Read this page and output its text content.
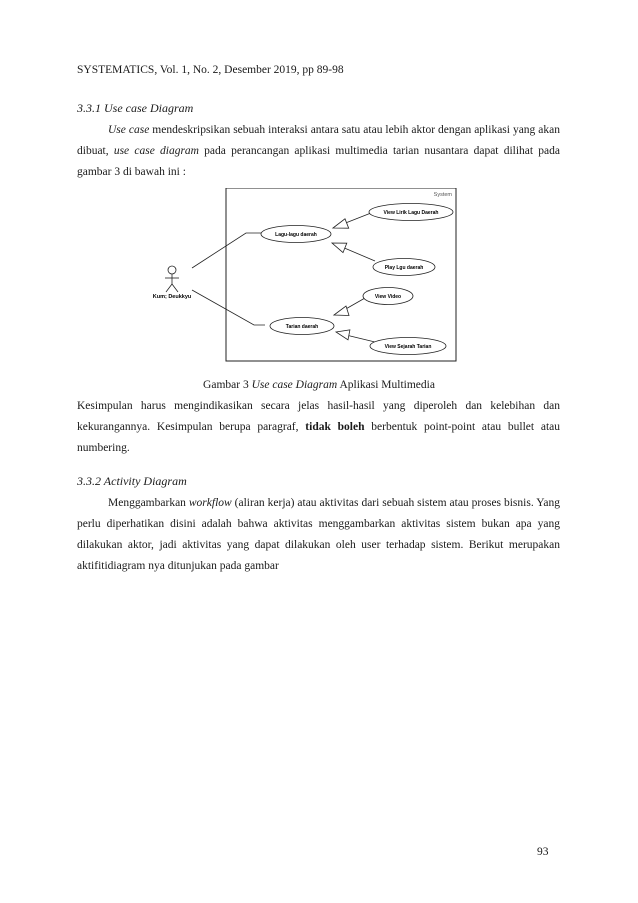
SYSTEMATICS, Vol. 1, No. 2, Desember 2019, pp 89-98
3.3.1 Use case Diagram

Use case mendeskripsikan sebuah interaksi antara satu atau lebih aktor dengan aplikasi yang akan dibuat, use case diagram pada perancangan aplikasi multimedia tarian nusantara dapat dilihat pada gambar 3 di bawah ini :

System
Kum; Deukkyu
Lagu-lagu daerah
View Lirik Lagu Daerah
Play Lgu daerah
View Video
Tarian daerah
View Sejarah Tarian
Gambar 3 Use case Diagram Aplikasi Multimedia

Kesimpulan harus mengindikasikan secara jelas hasil-hasil yang diperoleh dan kelebihan dan kekurangannya. Kesimpulan berupa paragraf, tidak boleh berbentuk point-point atau bullet atau numbering.

3.3.2 Activity Diagram

Menggambarkan workflow (aliran kerja) atau aktivitas dari sebuah sistem atau proses bisnis. Yang perlu diperhatikan disini adalah bahwa aktivitas menggambarkan aktivitas sistem bukan apa yang dilakukan aktor, jadi aktivitas yang dapat dilakukan oleh user terhadap sistem. Berikut merupakan aktifitidiagram nya ditunjukan pada gambar

93
